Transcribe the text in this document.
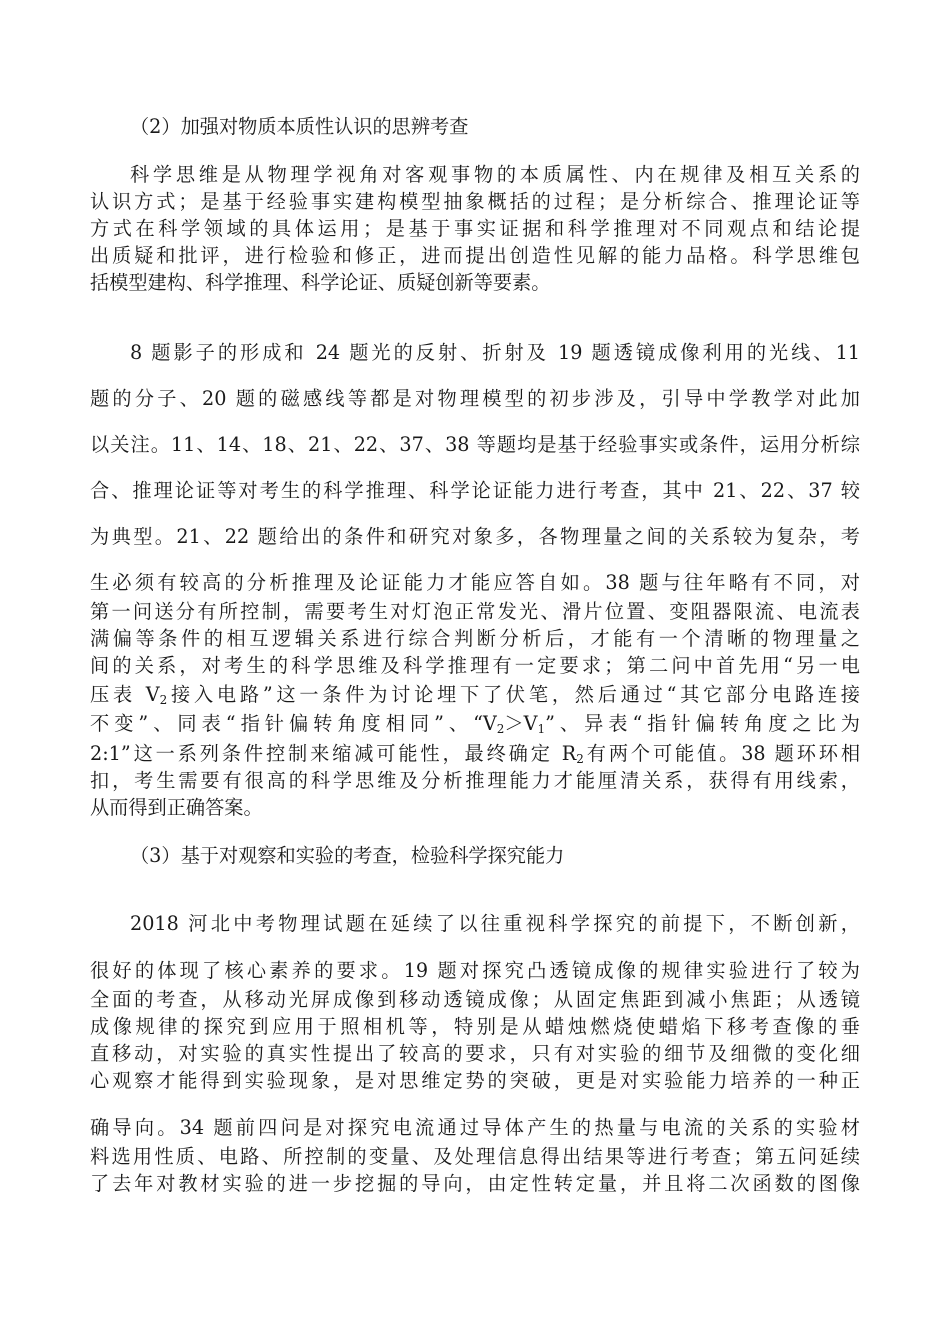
（2）加强对物质本质性认识的思辨考查
科学思维是从物理学视角对客观事物的本质属性、内在规律及相互关系的
认识方式；是基于经验事实建构模型抽象概括的过程；是分析综合、推理论证等
方式在科学领域的具体运用；是基于事实证据和科学推理对不同观点和结论提
出质疑和批评，进行检验和修正，进而提出创造性见解的能力品格。科学思维包
括模型建构、科学推理、科学论证、质疑创新等要素。
8 题影子的形成和 24 题光的反射、折射及 19 题透镜成像利用的光线、11
题的分子、20 题的磁感线等都是对物理模型的初步涉及，引导中学教学对此加
以关注。11、14、18、21、22、37、38 等题均是基于经验事实或条件，运用分析综
合、推理论证等对考生的科学推理、科学论证能力进行考查，其中 21、22、37 较
为典型。21、22 题给出的条件和研究对象多，各物理量之间的关系较为复杂，考
生必须有较高的分析推理及论证能力才能应答自如。38 题与往年略有不同，对
第一问送分有所控制，需要考生对灯泡正常发光、滑片位置、变阻器限流、电流表
满偏等条件的相互逻辑关系进行综合判断分析后，才能有一个清晰的物理量之
间的关系，对考生的科学思维及科学推理有一定要求；第二问中首先用“另一电
压表 $V_2$接入电路”这一条件为讨论埋下了伏笔，然后通过“其它部分电路连接
不变”、同表“指针偏转角度相同”、“$V_2>V_1$”、异表“指针偏转角度之比为
2:1”这一系列条件控制来缩减可能性，最终确定 $R_2$有两个可能值。38 题环环相
扣，考生需要有很高的科学思维及分析推理能力才能厘清关系，获得有用线索，
从而得到正确答案。
（3）基于对观察和实验的考查，检验科学探究能力
2018 河北中考物理试题在延续了以往重视科学探究的前提下，不断创新，
很好的体现了核心素养的要求。19 题对探究凸透镜成像的规律实验进行了较为
全面的考查，从移动光屏成像到移动透镜成像；从固定焦距到减小焦距；从透镜
成像规律的探究到应用于照相机等，特别是从蜡烛燃烧使蜡焰下移考查像的垂
直移动，对实验的真实性提出了较高的要求，只有对实验的细节及细微的变化细
心观察才能得到实验现象，是对思维定势的突破，更是对实验能力培养的一种正
确导向。34 题前四问是对探究电流通过导体产生的热量与电流的关系的实验材
料选用性质、电路、所控制的变量、及处理信息得出结果等进行考查；第五问延续
了去年对教材实验的进一步挖掘的导向，由定性转定量，并且将二次函数的图像
